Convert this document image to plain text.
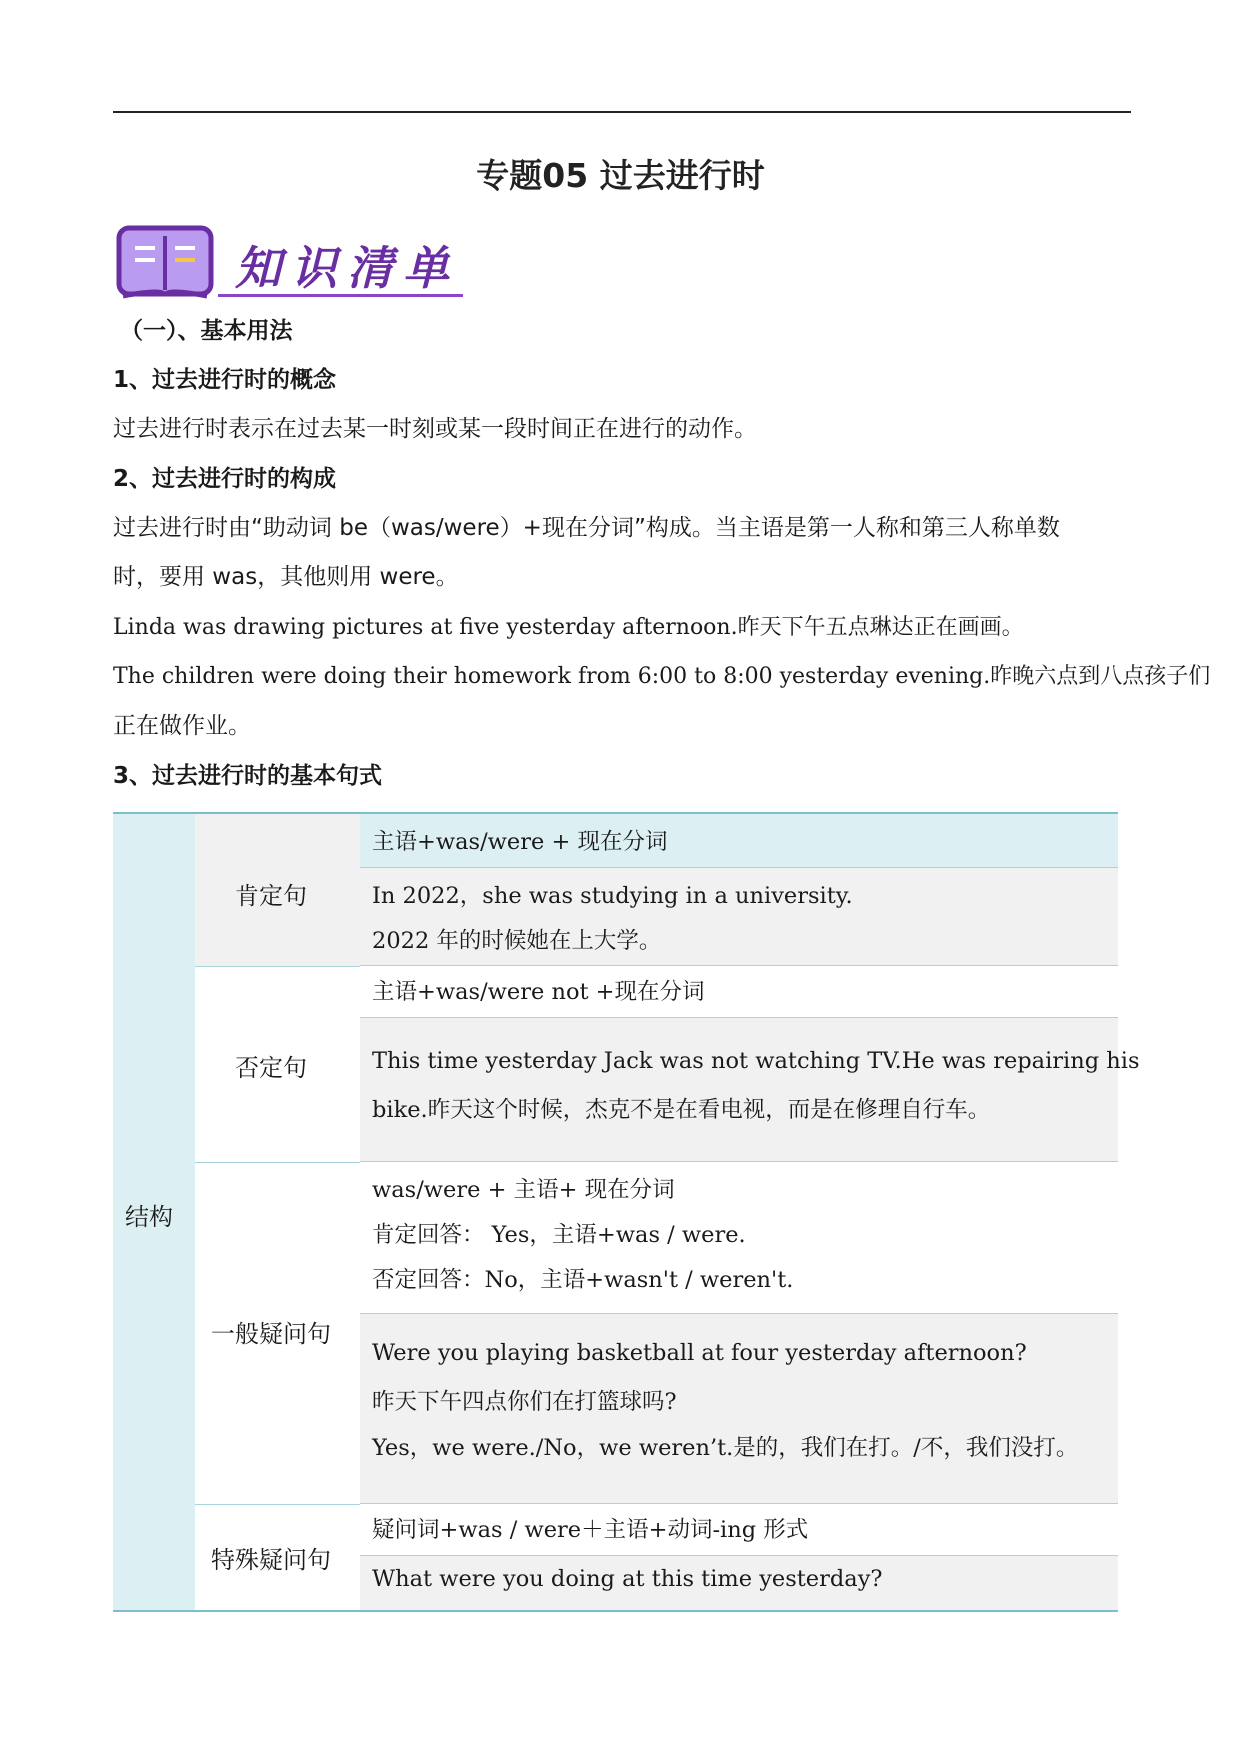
专题05 过去进行时
知识清单
（一）、基本用法
1、过去进行时的概念
过去进行时表示在过去某一时刻或某一段时间正在进行的动作。
2、过去进行时的构成
过去进行时由“助动词 be（was/were）+现在分词”构成。当主语是第一人称和第三人称单数
时，要用 was，其他则用 were。
Linda was drawing pictures at five yesterday afternoon.昨天下午五点琳达正在画画。
The children were doing their homework from 6:00 to 8:00 yesterday evening.昨晚六点到八点孩子们
正在做作业。
3、过去进行时的基本句式
结构
肯定句
主语+was/were + 现在分词
In 2022，she was studying in a university.
2022 年的时候她在上大学。
否定句
主语+was/were not +现在分词
This time yesterday Jack was not watching TV.He was repairing his
bike.昨天这个时候，杰克不是在看电视，而是在修理自行车。
一般疑问句
was/were + 主语+ 现在分词
肯定回答： Yes，主语+was / were.
否定回答：No，主语+wasn't / weren't.
Were you playing basketball at four yesterday afternoon?
昨天下午四点你们在打篮球吗?
Yes，we were./No，we weren’t.是的，我们在打。/不，我们没打。
特殊疑问句
疑问词+was / were＋主语+动词-ing 形式
What were you doing at this time yesterday?
